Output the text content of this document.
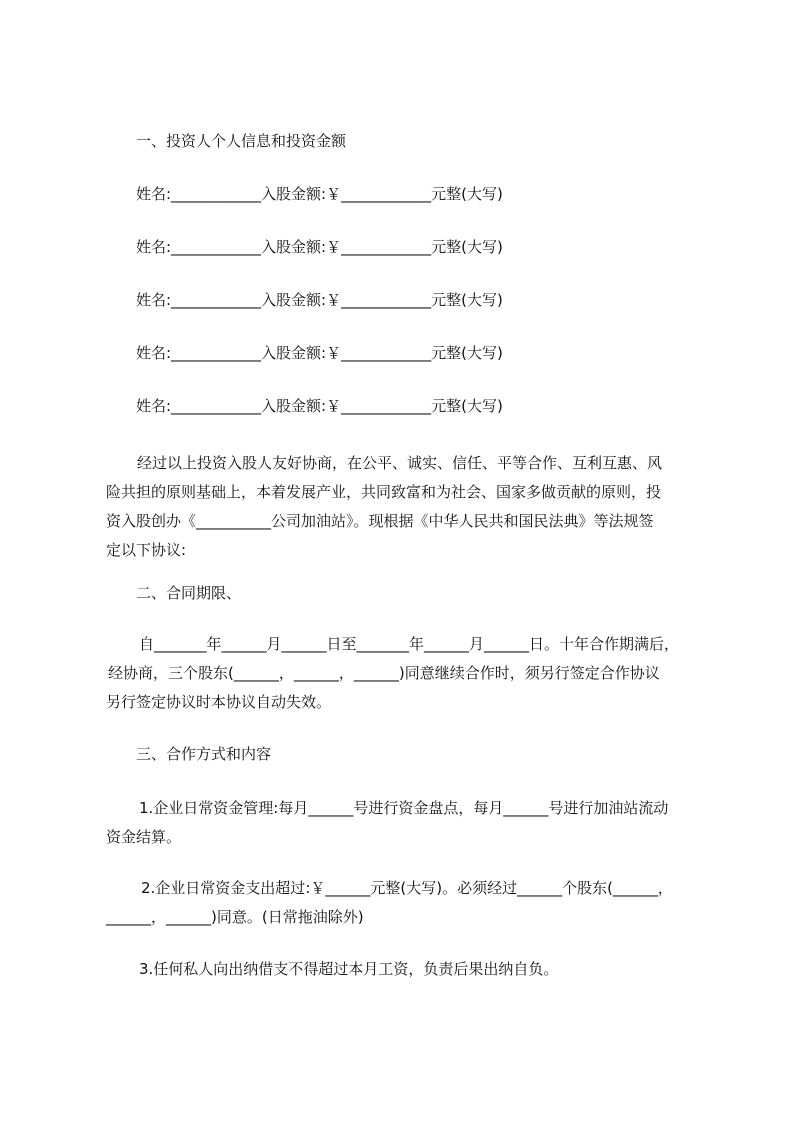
一、投资人个人信息和投资金额
姓名:____________入股金额:￥____________元整(大写)
姓名:____________入股金额:￥____________元整(大写)
姓名:____________入股金额:￥____________元整(大写)
姓名:____________入股金额:￥____________元整(大写)
姓名:____________入股金额:￥____________元整(大写)
经过以上投资入股人友好协商，在公平、诚实、信任、平等合作、互利互惠、风
险共担的原则基础上，本着发展产业，共同致富和为社会、国家多做贡献的原则，投
资入股创办《__________公司加油站》。现根据《中华人民共和国民法典》等法规签
定以下协议:
二、合同期限、
自_______年______月______日至_______年______月______日。十年合作期满后，
经协商，三个股东(______，______，______)同意继续合作时，须另行签定合作协议
另行签定协议时本协议自动失效。
三、合作方式和内容
1.企业日常资金管理:每月______号进行资金盘点，每月______号进行加油站流动
资金结算。
2.企业日常资金支出超过:￥______元整(大写)。必须经过______个股东(______，
______，______)同意。(日常拖油除外)
3.任何私人向出纳借支不得超过本月工资，负责后果出纳自负。
